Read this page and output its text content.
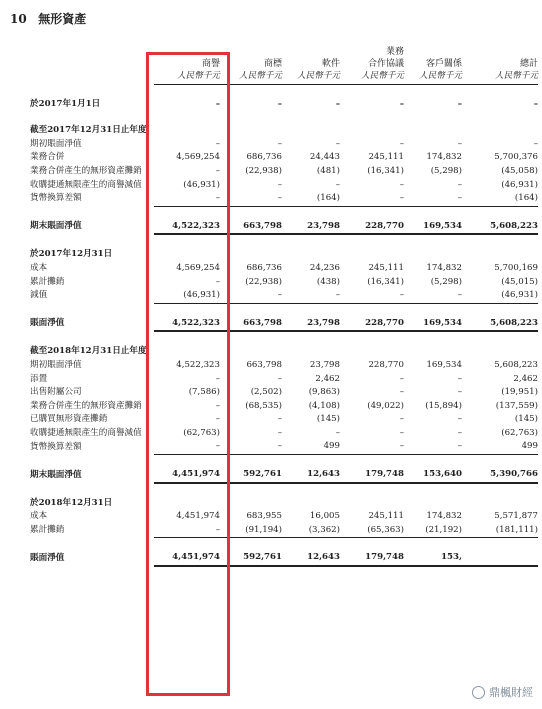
10 無形資產
				業務		
	商譽	商標	軟件	合作協議	客戶關係	總計
	人民幣千元	人民幣千元	人民幣千元	人民幣千元	人民幣千元	人民幣千元

於2017年1月1日	–	–	–	–	–	–

截至2017年12月31日止年度						
期初賬面淨值	–	–	–	–	–	–
業務合併	4,569,254	686,736	24,443	245,111	174,832	5,700,376
業務合併產生的無形資產攤銷	–	(22,938)	(481)	(16,341)	(5,298)	(45,058)
收購捷通無限產生的商譽減值	(46,931)	–	–	–	–	(46,931)
貨幣換算差額	–	–	(164)	–	–	(164)

期末賬面淨值	4,522,323	663,798	23,798	228,770	169,534	5,608,223

於2017年12月31日						
成本	4,569,254	686,736	24,236	245,111	174,832	5,700,169
累計攤銷	–	(22,938)	(438)	(16,341)	(5,298)	(45,015)
減值	(46,931)	–	–	–	–	(46,931)

賬面淨值	4,522,323	663,798	23,798	228,770	169,534	5,608,223

截至2018年12月31日止年度						
期初賬面淨值	4,522,323	663,798	23,798	228,770	169,534	5,608,223
添置	–	–	2,462	–	–	2,462
出售附屬公司	(7,586)	(2,502)	(9,863)	–	–	(19,951)
業務合併產生的無形資產攤銷	–	(68,535)	(4,108)	(49,022)	(15,894)	(137,559)
已購買無形資產攤銷	–	–	(145)	–	–	(145)
收購捷通無限產生的商譽減值	(62,763)	–	–	–	–	(62,763)
貨幣換算差額	–	–	499	–	–	499

期末賬面淨值	4,451,974	592,761	12,643	179,748	153,640	5,390,766

於2018年12月31日						
成本	4,451,974	683,955	16,005	245,111	174,832	5,571,877
累計攤銷	–	(91,194)	(3,362)	(65,363)	(21,192)	(181,111)

賬面淨值	4,451,974	592,761	12,643	179,748	153,	
鼎楓財經
